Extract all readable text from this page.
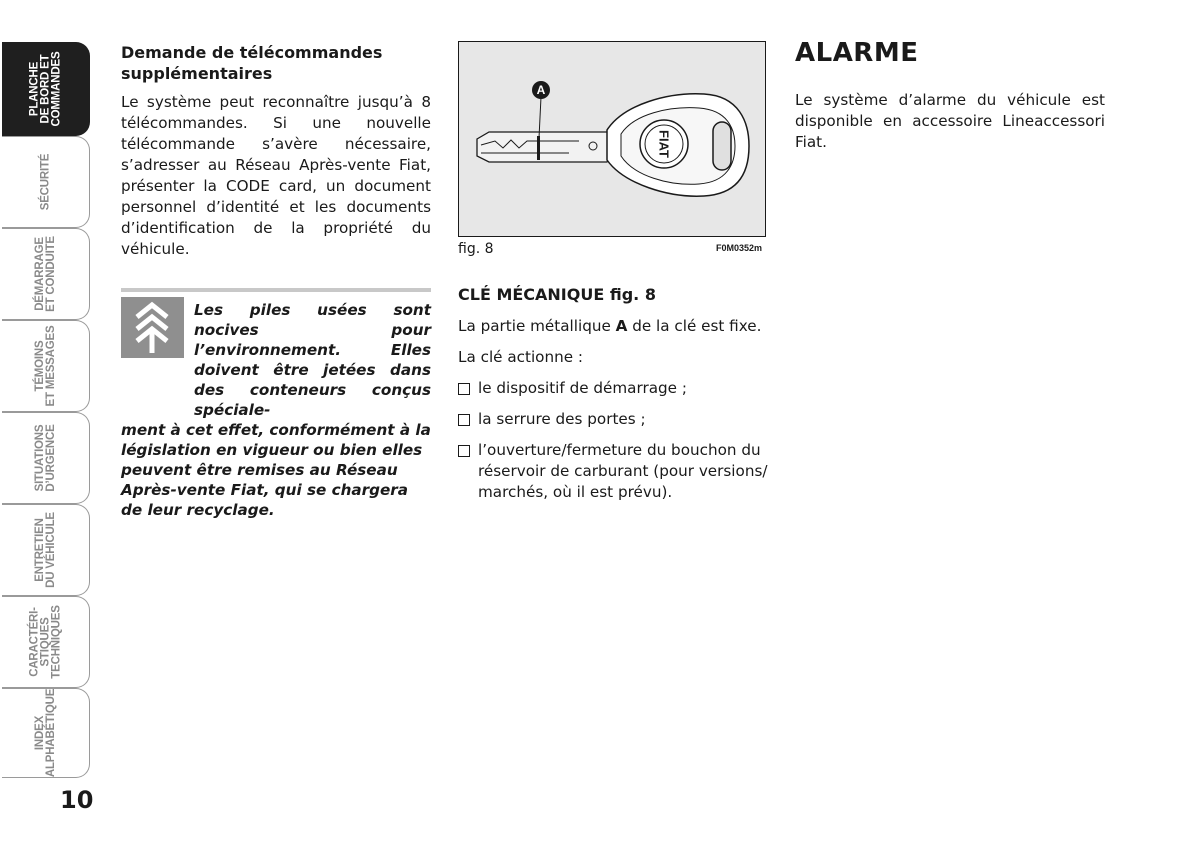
PLANCHE
DE BORD ET
COMMANDES
SÉCURITÉ
DÉMARRAGE
ET CONDUITE
TÉMOINS
ET MESSAGES
SITUATIONS
D’URGENCE
ENTRETIEN
DU VÉHICULE
CARACTÉRI-
STIQUES
TECHNIQUES
INDEX
ALPHABÉTIQUE
10
Demande de télécommandes supplémentaires

Le système peut reconnaître jusqu’à 8 télécommandes. Si une nouvelle télécommande s’avère nécessaire, s’adresser au Réseau Après-vente Fiat, présenter la CODE card, un document personnel d’identité et les documents d’identification de la propriété du véhicule.

Les piles usées sont nocives pour l’environnement. Elles doivent être jetées dans des conteneurs conçus spéciale-
ment à cet effet, conformément à la législation en vigueur ou bien elles peuvent être remises au Réseau Après-vente Fiat, qui se chargera de leur recyclage.
FIAT
A
fig. 8	F0M0352m
CLÉ MÉCANIQUE fig. 8

La partie métallique A de la clé est fixe.

La clé actionne :

le dispositif de démarrage ;
la serrure des portes ;
l’ouverture/fermeture du bouchon du réservoir de carburant (pour versions/ marchés, où il est prévu).
ALARME

Le système d’alarme du véhicule est disponible en accessoire Lineaccessori Fiat.
